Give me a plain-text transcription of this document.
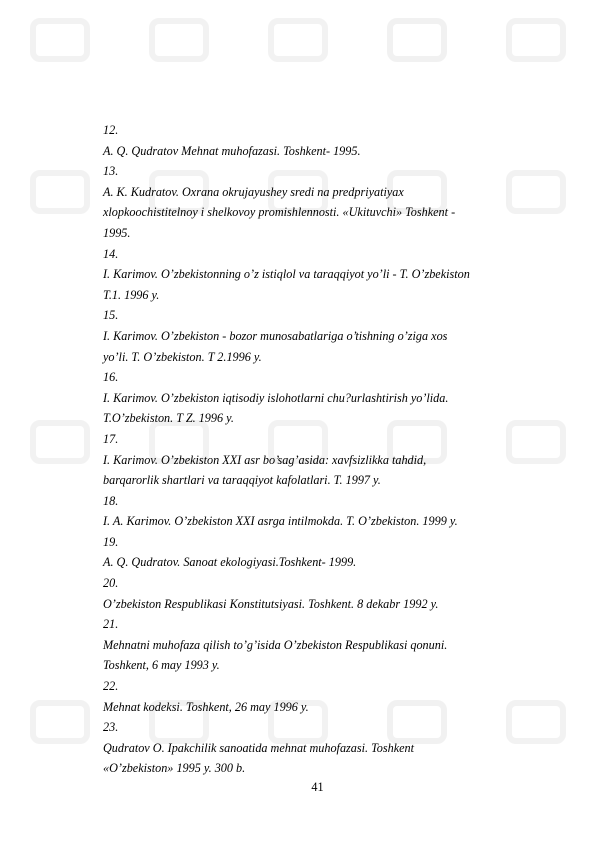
12.
A. Q. Qudratov Mehnat muhofazasi. Toshkent- 1995.
13.
A. K. Kudratov. Oxrana okrujayushey sredi na predpriyatiyax
xlopkoochistitelnoy i shelkovoy promishlennosti. «Ukituvchi» Toshkent -
1995.
14.
I. Karimov. O’zbekistonning o’z istiqlol va taraqqiyot yo’li - T. O’zbekiston
T.1. 1996 y.
15.
I. Karimov. O’zbekiston - bozor munosabatlariga o’tishning o’ziga xos
yo’li. T. O’zbekiston. T 2.1996 y.
16.
I. Karimov. O’zbekiston iqtisodiy islohotlarni chu?urlashtirish yo’lida.
T.O’zbekiston. T Z. 1996 y.
17.
I. Karimov. O’zbekiston XXI asr bo’sag’asida: xavfsizlikka tahdid,
barqarorlik shartlari va taraqqiyot kafolatlari. T. 1997 y.
18.
I. A. Karimov. O’zbekiston XXI asrga intilmokda. T. O’zbekiston. 1999 y.
19.
A. Q. Qudratov. Sanoat ekologiyasi.Toshkent- 1999.
20.
O’zbekiston Respublikasi Konstitutsiyasi. Toshkent. 8 dekabr 1992 y.
21.
Mehnatni muhofaza qilish to’g’isida O’zbekiston Respublikasi qonuni.
Toshkent, 6 may 1993 y.
22.
Mehnat kodeksi. Toshkent, 26 may 1996 y.
23.
Qudratov O. Ipakchilik sanoatida mehnat muhofazasi. Toshkent
«O’zbekiston» 1995 y. 300 b.
41
